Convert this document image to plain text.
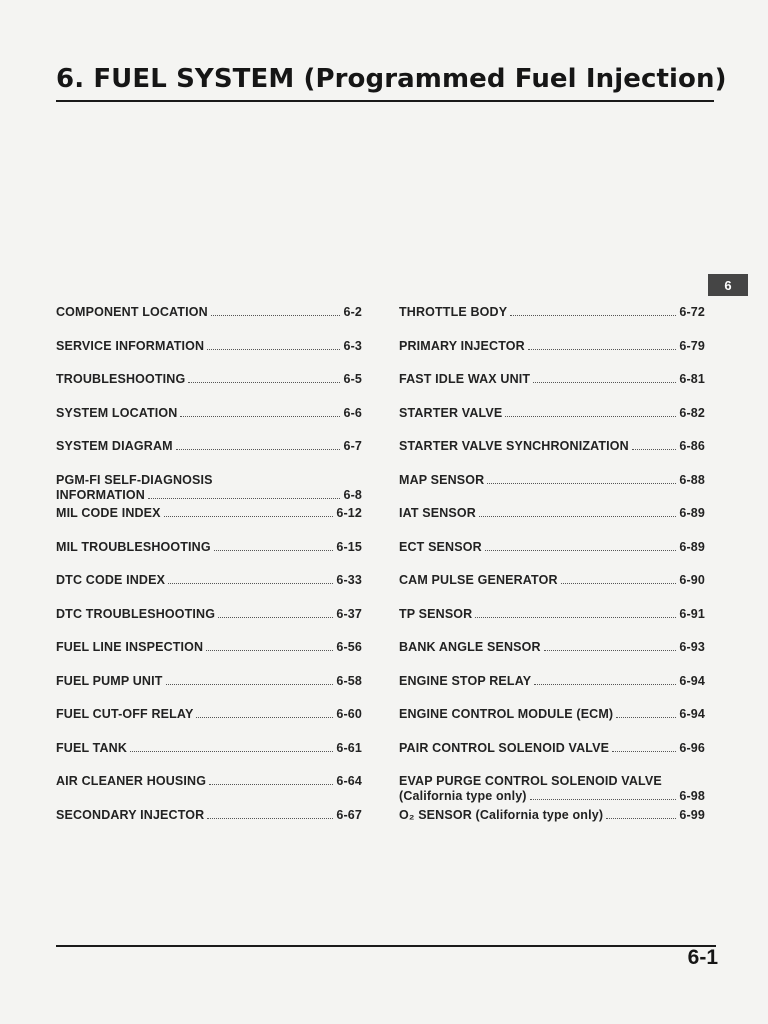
6. FUEL SYSTEM (Programmed Fuel Injection)
6
COMPONENT LOCATION	6-2
SERVICE INFORMATION	6-3
TROUBLESHOOTING	6-5
SYSTEM LOCATION	6-6
SYSTEM DIAGRAM	6-7
PGM-FI SELF-DIAGNOSIS
INFORMATION	6-8
MIL CODE INDEX	6-12
MIL TROUBLESHOOTING	6-15
DTC CODE INDEX	6-33
DTC TROUBLESHOOTING	6-37
FUEL LINE INSPECTION	6-56
FUEL PUMP UNIT	6-58
FUEL CUT-OFF RELAY	6-60
FUEL TANK	6-61
AIR CLEANER HOUSING	6-64
SECONDARY INJECTOR	6-67
THROTTLE BODY	6-72
PRIMARY INJECTOR	6-79
FAST IDLE WAX UNIT	6-81
STARTER VALVE	6-82
STARTER VALVE SYNCHRONIZATION	6-86
MAP SENSOR	6-88
IAT SENSOR	6-89
ECT SENSOR	6-89
CAM PULSE GENERATOR	6-90
TP SENSOR	6-91
BANK ANGLE SENSOR	6-93
ENGINE STOP RELAY	6-94
ENGINE CONTROL MODULE (ECM)	6-94
PAIR CONTROL SOLENOID VALVE	6-96
EVAP PURGE CONTROL SOLENOID VALVE
(California type only)	6-98
O₂ SENSOR (California type only)	6-99
6-1
